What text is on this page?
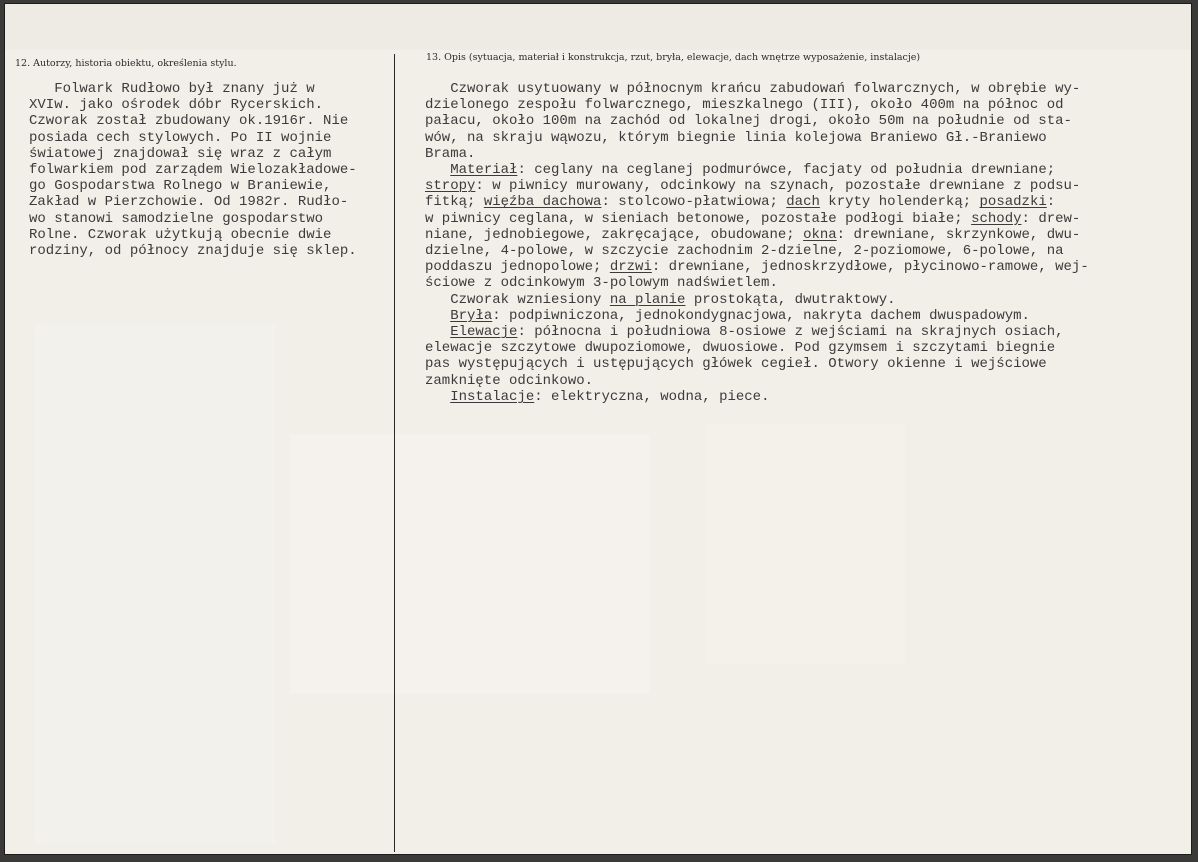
12. Autorzy, historia obiektu, określenia stylu.
13. Opis (sytuacja, materiał i konstrukcja, rzut, bryła, elewacje, dach wnętrze wyposażenie, instalacje)
Folwark Rudłowo był znany już w
XVIw. jako ośrodek dóbr Rycerskich.
Czworak został zbudowany ok.1916r. Nie
posiada cech stylowych. Po II wojnie
światowej znajdował się wraz z całym
folwarkiem pod zarządem Wielozakładowe-
go Gospodarstwa Rolnego w Braniewie,
Zakład w Pierzchowie. Od 1982r. Rudło-
wo stanowi samodzielne gospodarstwo
Rolne. Czworak użytkują obecnie dwie
rodziny, od północy znajduje się sklep.
Czworak usytuowany w północnym krańcu zabudowań folwarcznych, w obrębie wy-
dzielonego zespołu folwarcznego, mieszkalnego (III), około 400m na północ od
pałacu, około 100m na zachód od lokalnej drogi, około 50m na południe od sta-
wów, na skraju wąwozu, którym biegnie linia kolejowa Braniewo Gł.-Braniewo
Brama.
Materiał: ceglany na ceglanej podmurówce, facjaty od południa drewniane;
stropy: w piwnicy murowany, odcinkowy na szynach, pozostałe drewniane z podsu-
fitką; więźba dachowa: stolcowo-płatwiowa; dach kryty holenderką; posadzki:
w piwnicy ceglana, w sieniach betonowe, pozostałe podłogi białe; schody: drew-
niane, jednobiegowe, zakręcające, obudowane; okna: drewniane, skrzynkowe, dwu-
dzielne, 4-polowe, w szczycie zachodnim 2-dzielne, 2-poziomowe, 6-polowe, na
poddaszu jednopolowe; drzwi: drewniane, jednoskrzydłowe, płycinowo-ramowe, wej-
ściowe z odcinkowym 3-polowym nadświetlem.
Czworak wzniesiony na planie prostokąta, dwutraktowy.
Bryła: podpiwniczona, jednokondygnacjowa, nakryta dachem dwuspadowym.
Elewacje: północna i południowa 8-osiowe z wejściami na skrajnych osiach,
elewacje szczytowe dwupoziomowe, dwuosiowe. Pod gzymsem i szczytami biegnie
pas występujących i ustępujących główek cegieł. Otwory okienne i wejściowe
zamknięte odcinkowo.
Instalacje: elektryczna, wodna, piece.
